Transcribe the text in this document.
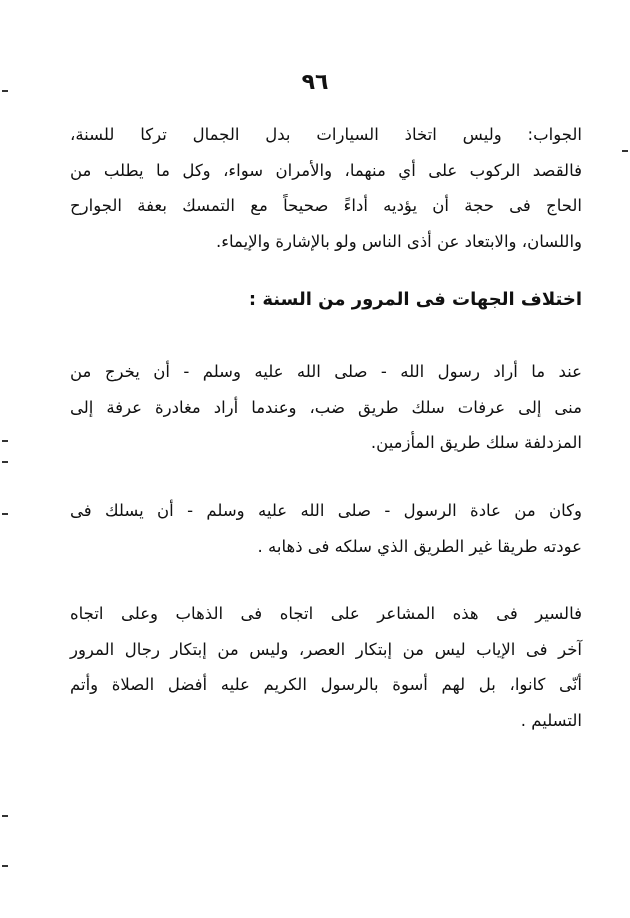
٩٦

الجواب: وليس اتخاذ السيارات بدل الجمال تركا للسنة،
فالقصد الركوب على أي منهما، والأمران سواء، وكل ما يطلب من
الحاج فى حجة أن يؤديه أداءً صحيحاً مع التمسك بعفة الجوارح
واللسان، والابتعاد عن أذى الناس ولو بالإشارة والإيماء.

اختلاف الجهات فى المرور من السنة :

عند ما أراد رسول الله - صلى الله عليه وسلم - أن يخرج من
منى إلى عرفات سلك طريق ضب، وعندما أراد مغادرة عرفة إلى
المزدلفة سلك طريق المأزمين.

وكان من عادة الرسول - صلى الله عليه وسلم - أن يسلك فى
عودته طريقا غير الطريق الذي سلكه فى ذهابه .

فالسير فى هذه المشاعر على اتجاه فى الذهاب وعلى اتجاه
آخر فى الإياب ليس من إبتكار العصر، وليس من إبتكار رجال المرور
أنّى كانوا، بل لهم أسوة بالرسول الكريم عليه أفضل الصلاة وأتم
التسليم .
